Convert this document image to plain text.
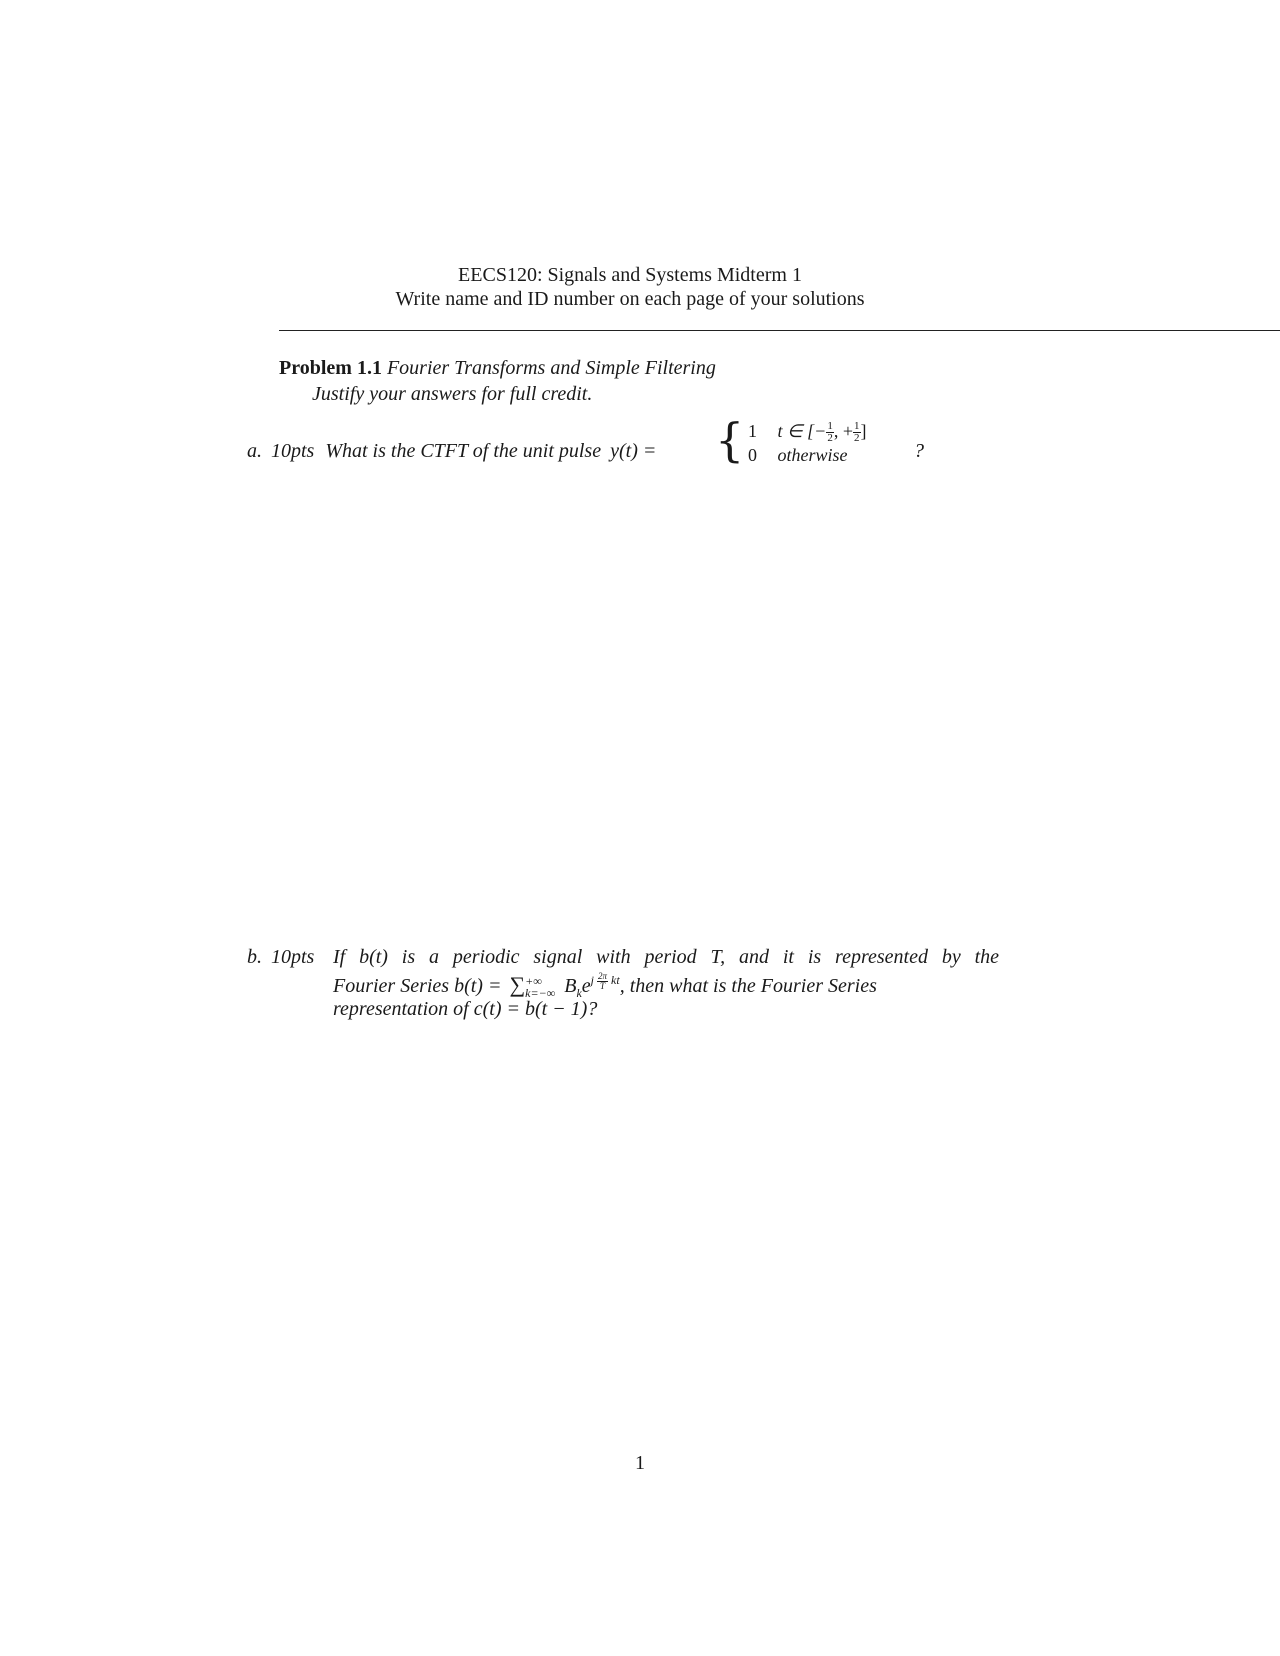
EECS120: Signals and Systems Midterm 1
Write name and ID number on each page of your solutions
Problem 1.1 Fourier Transforms and Simple Filtering
Justify your answers for full credit.
a. 10pts What is the CTFT of the unit pulse y(t) = { 1 t ∈ [− $\frac{1}{2}$ , + $\frac{1}{2}$ ]
0 otherwise	?
b. 10pts If b(t) is a periodic signal with period T, and it is represented by the
Fourier Series b(t) = ∑ +∞
k=−∞ $B_ke^{j \frac{2\pi}{T} kt}$, then what is the Fourier Series
representation of c(t) = b(t − 1)?
1
